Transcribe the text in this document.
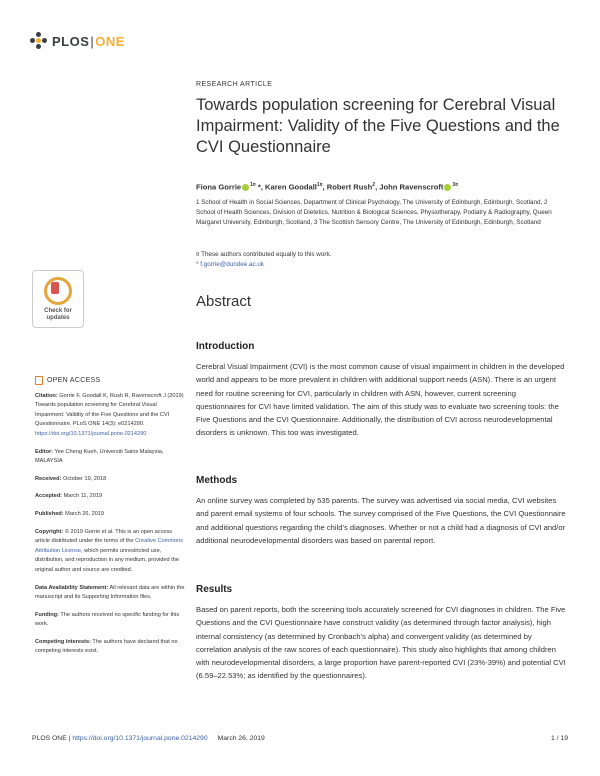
PLOS|ONE
RESEARCH ARTICLE
Towards population screening for Cerebral Visual Impairment: Validity of the Five Questions and the CVI Questionnaire
Fiona Gorrie $^{1¤}$ *, Karen Goodall$^{1¤}$, Robert Rush$^2$, John Ravenscroft $^{3¤}$
1 School of Health in Social Sciences, Department of Clinical Psychology, The University of Edinburgh, Edinburgh, Scotland, 2 School of Health Sciences, Division of Dietetics, Nutrition & Biological Sciences, Physiotherapy, Podiatry & Radiography, Queen Margaret University, Edinburgh, Scotland, 3 The Scottish Sensory Centre, The University of Edinburgh, Edinburgh, Scotland
¤ These authors contributed equally to this work.
* f.gorrie@dundee.ac.uk
Check for
updates
Abstract
Introduction
Cerebral Visual Impairment (CVI) is the most common cause of visual impairment in children in the developed world and appears to be more prevalent in children with additional support needs (ASN). There is an urgent need for routine screening for CVI, particularly in children with ASN, however, current screening questionnaires for CVI have limited validation. The aim of this study was to evaluate two screening tools: the Five Questions and the CVI Questionnaire. Additionally, the distribution of CVI across neurodevelopmental disorders is unknown. This too was investigated.
Methods
An online survey was completed by 535 parents. The survey was advertised via social media, CVI websites and parent email systems of four schools. The survey comprised of the Five Questions, the CVI Questionnaire and additional questions regarding the child's diagnoses. Whether or not a child had a diagnosis of CVI and/or additional neurodevelopmental disorders was based on parental report.
Results
Based on parent reports, both the screening tools accurately screened for CVI diagnoses in children. The Five Questions and the CVI Questionnaire have construct validity (as determined through factor analysis), high internal consistency (as determined by Cronbach's alpha) and convergent validity (as determined by correlation analysis of the raw scores of each questionnaire). This study also highlights that among children with neurodevelopmental disorders, a large proportion have parent-reported CVI (23%-39%) and potential CVI (6.59–22.53%; as identified by the questionnaires).
OPEN ACCESS
Citation: Gorrie F, Goodall K, Rush R, Ravenscroft J (2019) Towards population screening for Cerebral Visual Impairment: Validity of the Five Questions and the CVI Questionnaire. PLoS ONE 14(3): e0214290. https://doi.org/10.1371/journal.pone.0214290
Editor: Yee Cheng Kueh, Universiti Sains Malaysia, MALAYSIA
Received: October 19, 2018
Accepted: March 11, 2019
Published: March 26, 2019
Copyright: © 2019 Gorrie et al. This is an open access article distributed under the terms of the Creative Commons Attribution License, which permits unrestricted use, distribution, and reproduction in any medium, provided the original author and source are credited.
Data Availability Statement: All relevant data are within the manuscript and its Supporting Information files.
Funding: The authors received no specific funding for this work.
Competing interests: The authors have declared that no competing interests exist.
PLOS ONE | https://doi.org/10.1371/journal.pone.0214290 March 26, 2019	1 / 19
